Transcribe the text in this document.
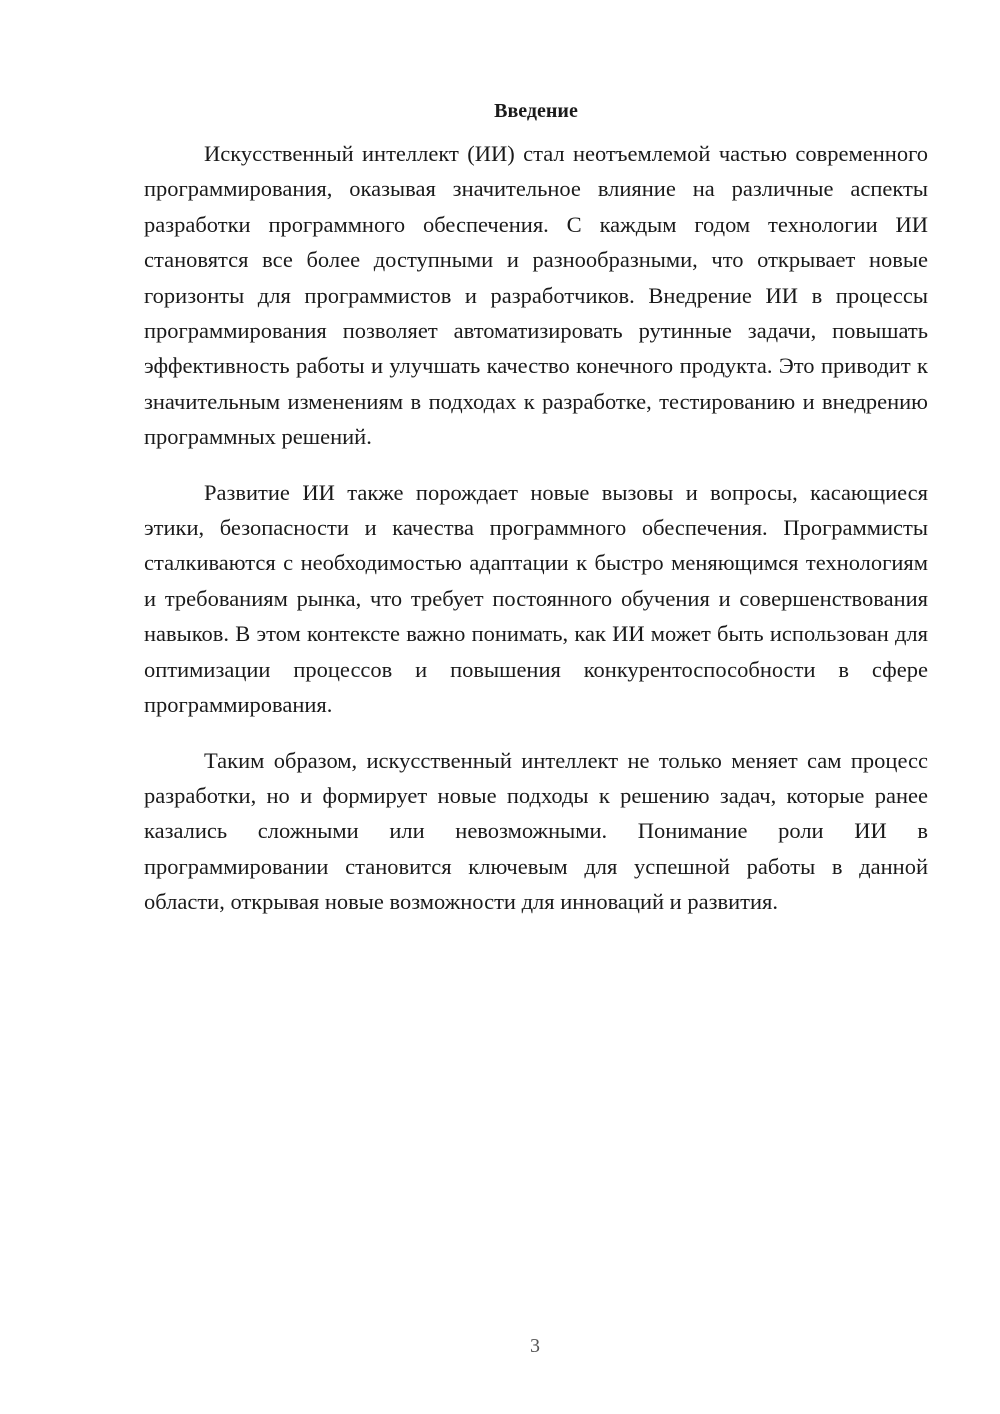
Введение

Искусственный интеллект (ИИ) стал неотъемлемой частью современного программирования, оказывая значительное влияние на различные аспекты разработки программного обеспечения. С каждым годом технологии ИИ становятся все более доступными и разнообразными, что открывает новые горизонты для программистов и разработчиков. Внедрение ИИ в процессы программирования позволяет автоматизировать рутинные задачи, повышать эффективность работы и улучшать качество конечного продукта. Это приводит к значительным изменениям в подходах к разработке, тестированию и внедрению программных решений.

Развитие ИИ также порождает новые вызовы и вопросы, касающиеся этики, безопасности и качества программного обеспечения. Программисты сталкиваются с необходимостью адаптации к быстро меняющимся технологиям и требованиям рынка, что требует постоянного обучения и совершенствования навыков. В этом контексте важно понимать, как ИИ может быть использован для оптимизации процессов и повышения конкурентоспособности в сфере программирования.

Таким образом, искусственный интеллект не только меняет сам процесс разработки, но и формирует новые подходы к решению задач, которые ранее казались сложными или невозможными. Понимание роли ИИ в программировании становится ключевым для успешной работы в данной области, открывая новые возможности для инноваций и развития.

3
